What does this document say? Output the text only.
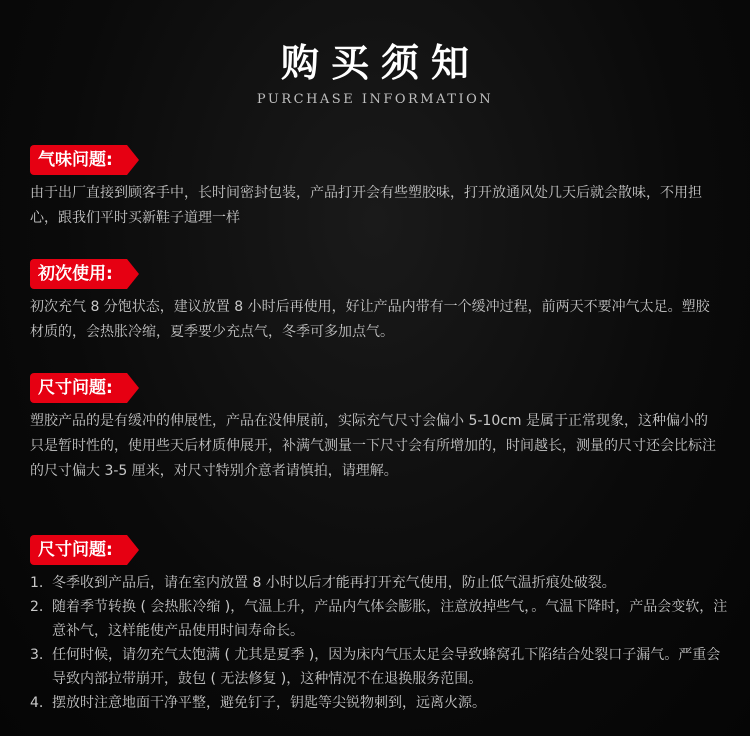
购买须知
PURCHASE INFORMATION
气味问题:
由于出厂直接到顾客手中，长时间密封包装，产品打开会有些塑胶味，打开放通风处几天后就会散味，不用担心，跟我们平时买新鞋子道理一样
初次使用:
初次充气 8 分饱状态，建议放置 8 小时后再使用，好让产品内带有一个缓冲过程，前两天不要冲气太足。塑胶材质的，会热胀冷缩，夏季要少充点气，冬季可多加点气。
尺寸问题:
塑胶产品的是有缓冲的伸展性，产品在没伸展前，实际充气尺寸会偏小 5-10cm 是属于正常现象，这种偏小的只是暂时性的，使用些天后材质伸展开，补满气测量一下尺寸会有所增加的，时间越长，测量的尺寸还会比标注的尺寸偏大 3-5 厘米，对尺寸特别介意者请慎拍，请理解。
尺寸问题:
1. 冬季收到产品后，请在室内放置 8 小时以后才能再打开充气使用，防止低气温折痕处破裂。
2. 随着季节转换 ( 会热胀冷缩 )，气温上升，产品内气体会膨胀，注意放掉些气，。气温下降时，产品会变软，注意补气，这样能使产品使用时间寿命长。
3. 任何时候，请勿充气太饱满 ( 尤其是夏季 )，因为床内气压太足会导致蜂窝孔下陷结合处裂口子漏气。严重会导致内部拉带崩开，鼓包 ( 无法修复 )，这种情况不在退换服务范围。
4. 摆放时注意地面干净平整，避免钉子，钥匙等尖锐物刺到，远离火源。
